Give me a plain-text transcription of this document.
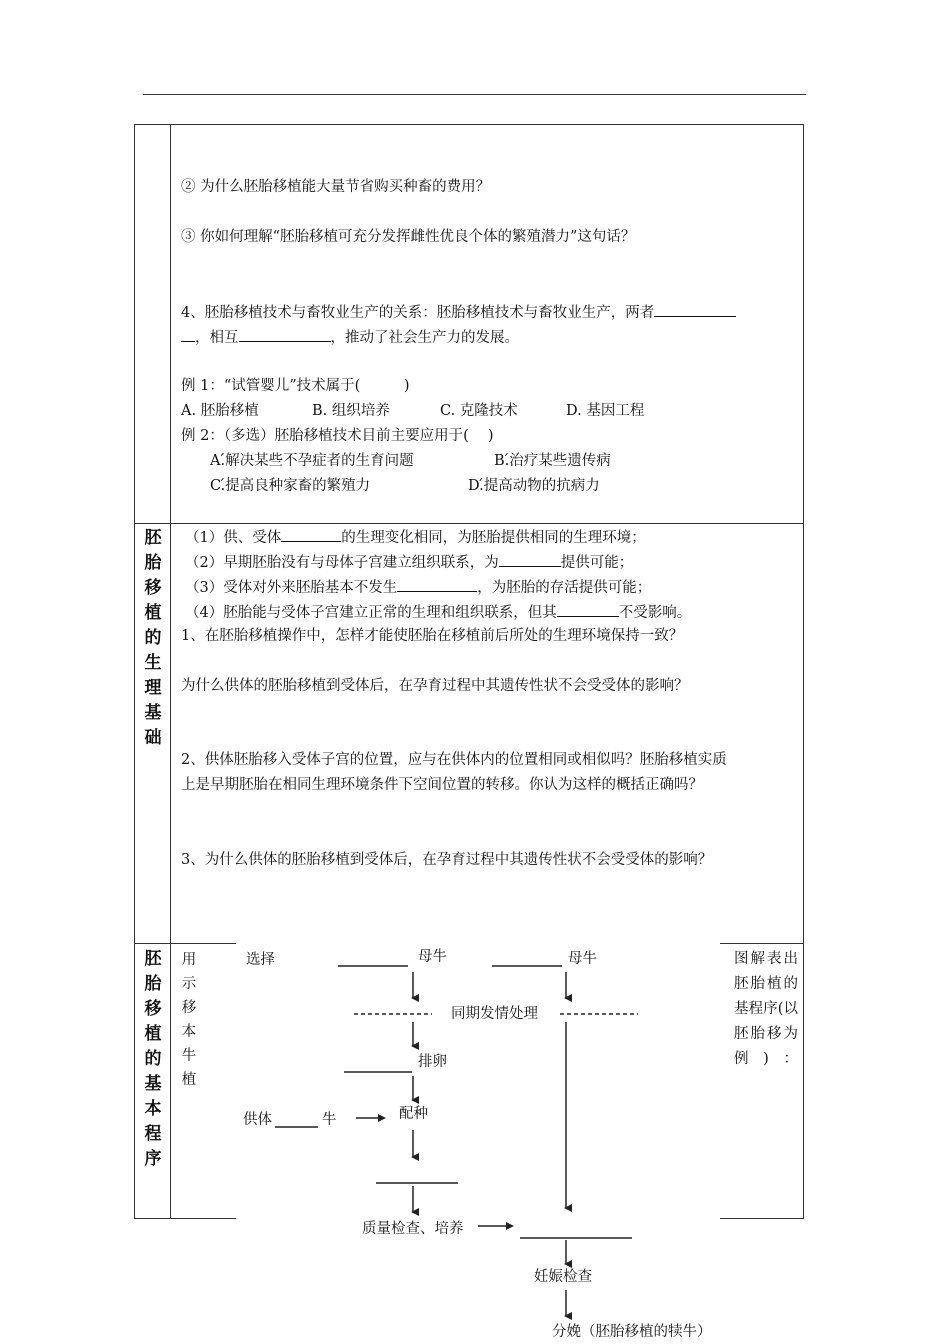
② 为什么胚胎移植能大量节省购买种畜的费用？
③ 你如何理解“胚胎移植可充分发挥雌性优良个体的繁殖潜力”这句话？
4、胚胎移植技术与畜牧业生产的关系：胚胎移植技术与畜牧业生产，两者
，相互	，推动了社会生产力的发展。
例 1：“试管婴儿”技术属于(　　　)
A. 胚胎移植	B. 组织培养	C. 克隆技术	D. 基因工程
例 2：（多选）胚胎移植技术目前主要应用于(　 )
A.́解决某些不孕症者的生育问题	B.́治疗某些遗传病
C.́提高良种家畜的繁殖力	D.́提高动物的抗病力
胚胎移植的生理基础
（1）供、受体	的生理变化相同，为胚胎提供相同的生理环境；
（2）早期胚胎没有与母体子宫建立组织联系，为	提供可能；
（3）受体对外来胚胎基本不发生	，为胚胎的存活提供可能；
（4）胚胎能与受体子宫建立正常的生理和组织联系，但其	不受影响。
1、在胚胎移植操作中，怎样才能使胚胎在移植前后所处的生理环境保持一致？
为什么供体的胚胎移植到受体后，在孕育过程中其遗传性状不会受受体的影响？
2、供体胚胎移入受体子宫的位置，应与在供体内的位置相同或相似吗？胚胎移植实质
上是早期胚胎在相同生理环境条件下空间位置的转移。你认为这样的概括正确吗？
3、为什么供体的胚胎移植到受体后，在孕育过程中其遗传性状不会受受体的影响？
胚胎移植的基本程序
用示移本牛植
图解表出胚胎植的基程序(以胚胎移为例)：
选择	母牛	母牛
同期发情处理
排卵
供体	牛	配种
质量检查、培养
妊娠检查
分娩（胚胎移植的犊牛）
